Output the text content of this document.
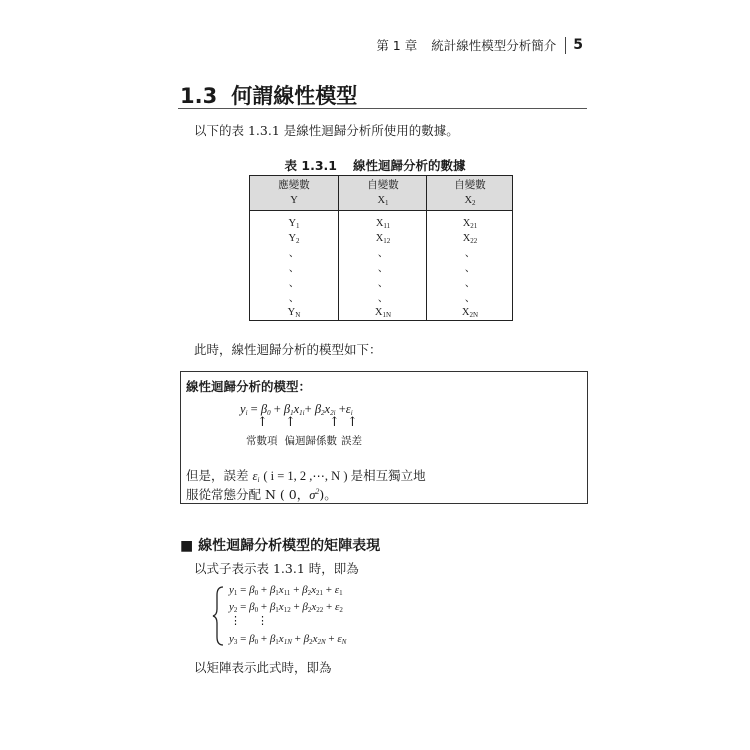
第 1 章 統計線性模型分析簡介 5
1.3 何謂線性模型
以下的表 1.3.1 是線性迴歸分析所使用的數據。
表 1.3.1 線性迴歸分析的數據
應變數
Y
$Y_1$
$Y_2$
、
、
、
、
$Y_N$
自變數
$X_1$
$X_{11}$
$X_{12}$
、
、
、
、
$X_{1N}$
自變數
$X_2$
$X_{21}$
$X_{22}$
、
、
、
、
$X_{2N}$
此時，線性迴歸分析的模型如下：
線性迴歸分析的模型：
$y_i = \beta_0 + \beta_1x_{1i}+ \beta_2x_{2i} +\varepsilon_i$
↑ ↑	↑ ↑
常數項 偏迴歸係數 誤差
但是，誤差 $\varepsilon_i$ ( i = 1, 2 ,⋯, N ) 是相互獨立地
服從常態分配 N ( 0，$\sigma^2$)。
■ 線性迴歸分析模型的矩陣表現
以式子表示表 1.3.1 時，即為
$y_1 = \beta_0 + \beta_1x_{11} + \beta_2x_{21} + \varepsilon_1$
$y_2 = \beta_0 + \beta_1x_{12} + \beta_2x_{22} + \varepsilon_2$
⋮ ⋮
$y_3 = \beta_0 + \beta_1x_{1N} + \beta_2x_{2N} + \varepsilon_N$
以矩陣表示此式時，即為
